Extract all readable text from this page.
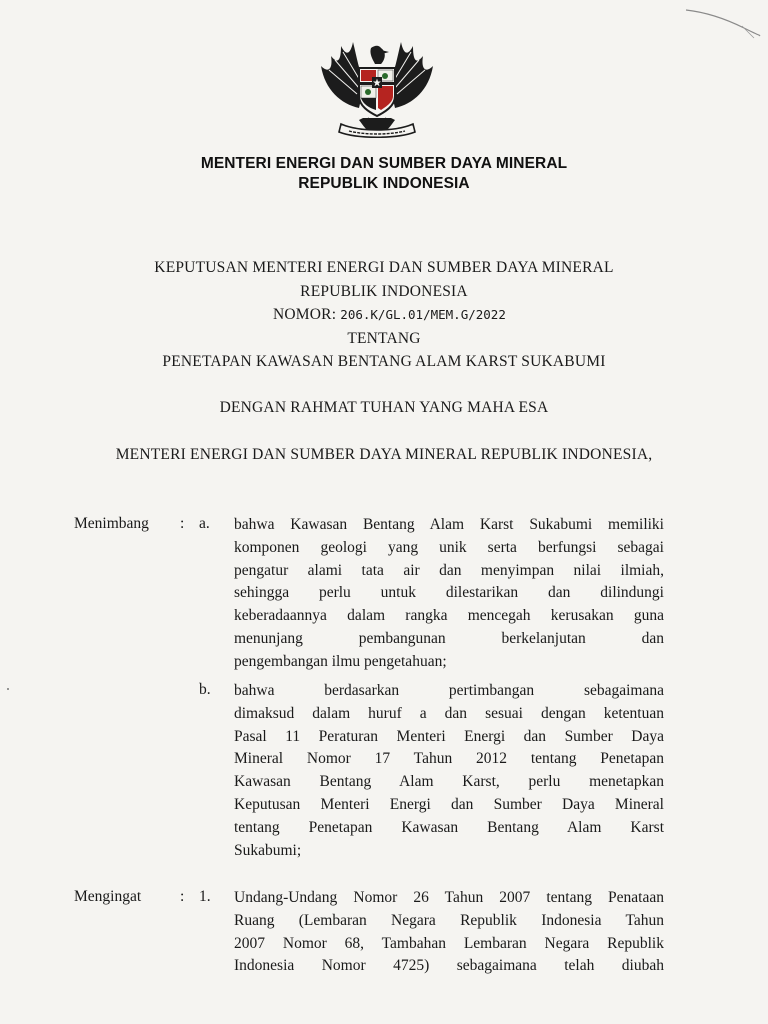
MENTERI ENERGI DAN SUMBER DAYA MINERAL
REPUBLIK INDONESIA
KEPUTUSAN MENTERI ENERGI DAN SUMBER DAYA MINERAL
REPUBLIK INDONESIA
NOMOR: 206.K/GL.01/MEM.G/2022
TENTANG
PENETAPAN KAWASAN BENTANG ALAM KARST SUKABUMI
DENGAN RAHMAT TUHAN YANG MAHA ESA
MENTERI ENERGI DAN SUMBER DAYA MINERAL REPUBLIK INDONESIA,
Menimbang : a. bahwa Kawasan Bentang Alam Karst Sukabumi memiliki
komponen geologi yang unik serta berfungsi sebagai
pengatur alami tata air dan menyimpan nilai ilmiah,
sehingga perlu untuk dilestarikan dan dilindungi
keberadaannya dalam rangka mencegah kerusakan guna
menunjang pembangunan berkelanjutan dan
pengembangan ilmu pengetahuan;
b. bahwa berdasarkan pertimbangan sebagaimana
dimaksud dalam huruf a dan sesuai dengan ketentuan
Pasal 11 Peraturan Menteri Energi dan Sumber Daya
Mineral Nomor 17 Tahun 2012 tentang Penetapan
Kawasan Bentang Alam Karst, perlu menetapkan
Keputusan Menteri Energi dan Sumber Daya Mineral
tentang Penetapan Kawasan Bentang Alam Karst
Sukabumi;
Mengingat	: 1. Undang-Undang Nomor 26 Tahun 2007 tentang Penataan
Ruang (Lembaran Negara Republik Indonesia Tahun
2007 Nomor 68, Tambahan Lembaran Negara Republik
Indonesia Nomor 4725) sebagaimana telah diubah
